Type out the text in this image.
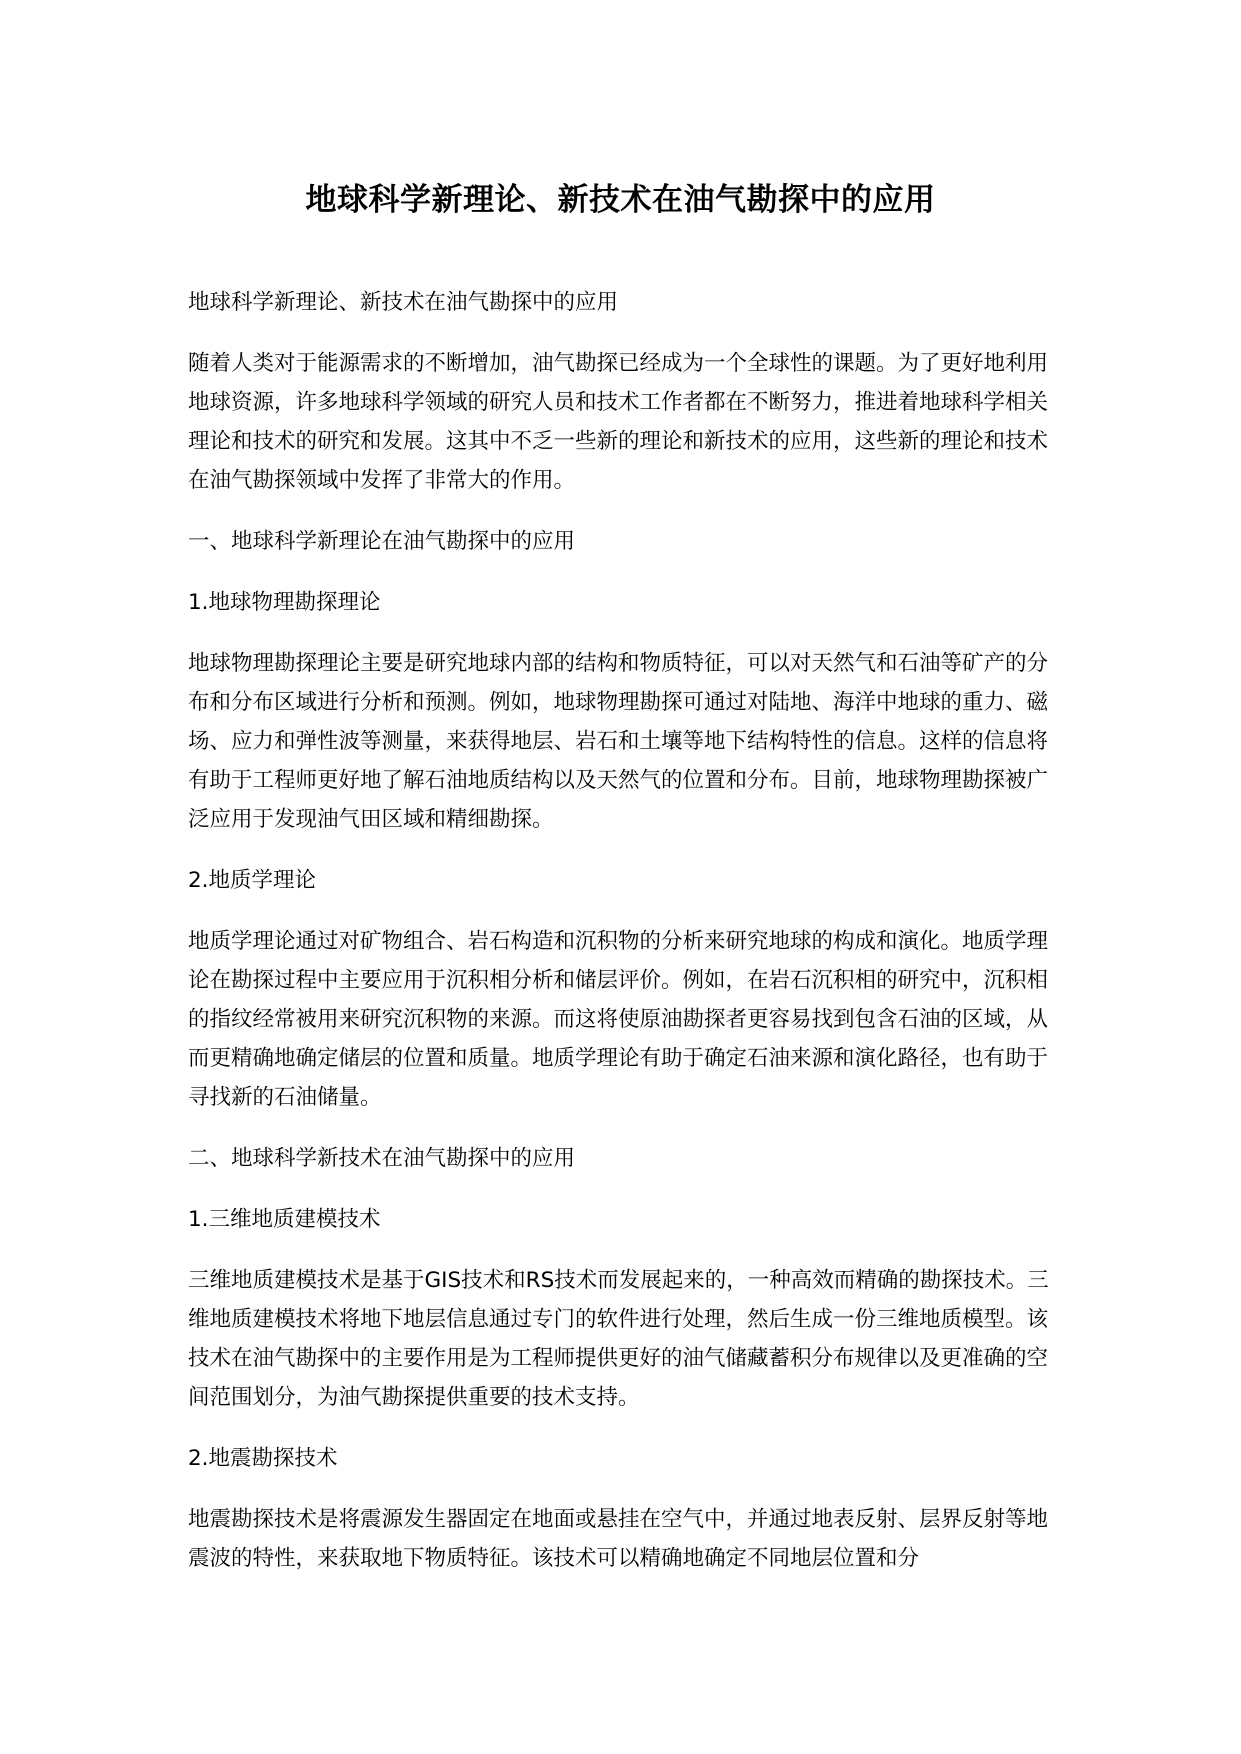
地球科学新理论、新技术在油气勘探中的应用

地球科学新理论、新技术在油气勘探中的应用

随着人类对于能源需求的不断增加，油气勘探已经成为一个全球性的课题。为了更好地利用地球资源，许多地球科学领域的研究人员和技术工作者都在不断努力，推进着地球科学相关理论和技术的研究和发展。这其中不乏一些新的理论和新技术的应用，这些新的理论和技术在油气勘探领域中发挥了非常大的作用。

一、地球科学新理论在油气勘探中的应用

1.地球物理勘探理论

地球物理勘探理论主要是研究地球内部的结构和物质特征，可以对天然气和石油等矿产的分布和分布区域进行分析和预测。例如，地球物理勘探可通过对陆地、海洋中地球的重力、磁场、应力和弹性波等测量，来获得地层、岩石和土壤等地下结构特性的信息。这样的信息将有助于工程师更好地了解石油地质结构以及天然气的位置和分布。目前，地球物理勘探被广泛应用于发现油气田区域和精细勘探。

2.地质学理论

地质学理论通过对矿物组合、岩石构造和沉积物的分析来研究地球的构成和演化。地质学理论在勘探过程中主要应用于沉积相分析和储层评价。例如，在岩石沉积相的研究中，沉积相的指纹经常被用来研究沉积物的来源。而这将使原油勘探者更容易找到包含石油的区域，从而更精确地确定储层的位置和质量。地质学理论有助于确定石油来源和演化路径，也有助于寻找新的石油储量。

二、地球科学新技术在油气勘探中的应用

1.三维地质建模技术

三维地质建模技术是基于GIS技术和RS技术而发展起来的，一种高效而精确的勘探技术。三维地质建模技术将地下地层信息通过专门的软件进行处理，然后生成一份三维地质模型。该技术在油气勘探中的主要作用是为工程师提供更好的油气储藏蓄积分布规律以及更准确的空间范围划分，为油气勘探提供重要的技术支持。

2.地震勘探技术

地震勘探技术是将震源发生器固定在地面或悬挂在空气中，并通过地表反射、层界反射等地震波的特性，来获取地下物质特征。该技术可以精确地确定不同地层位置和分
